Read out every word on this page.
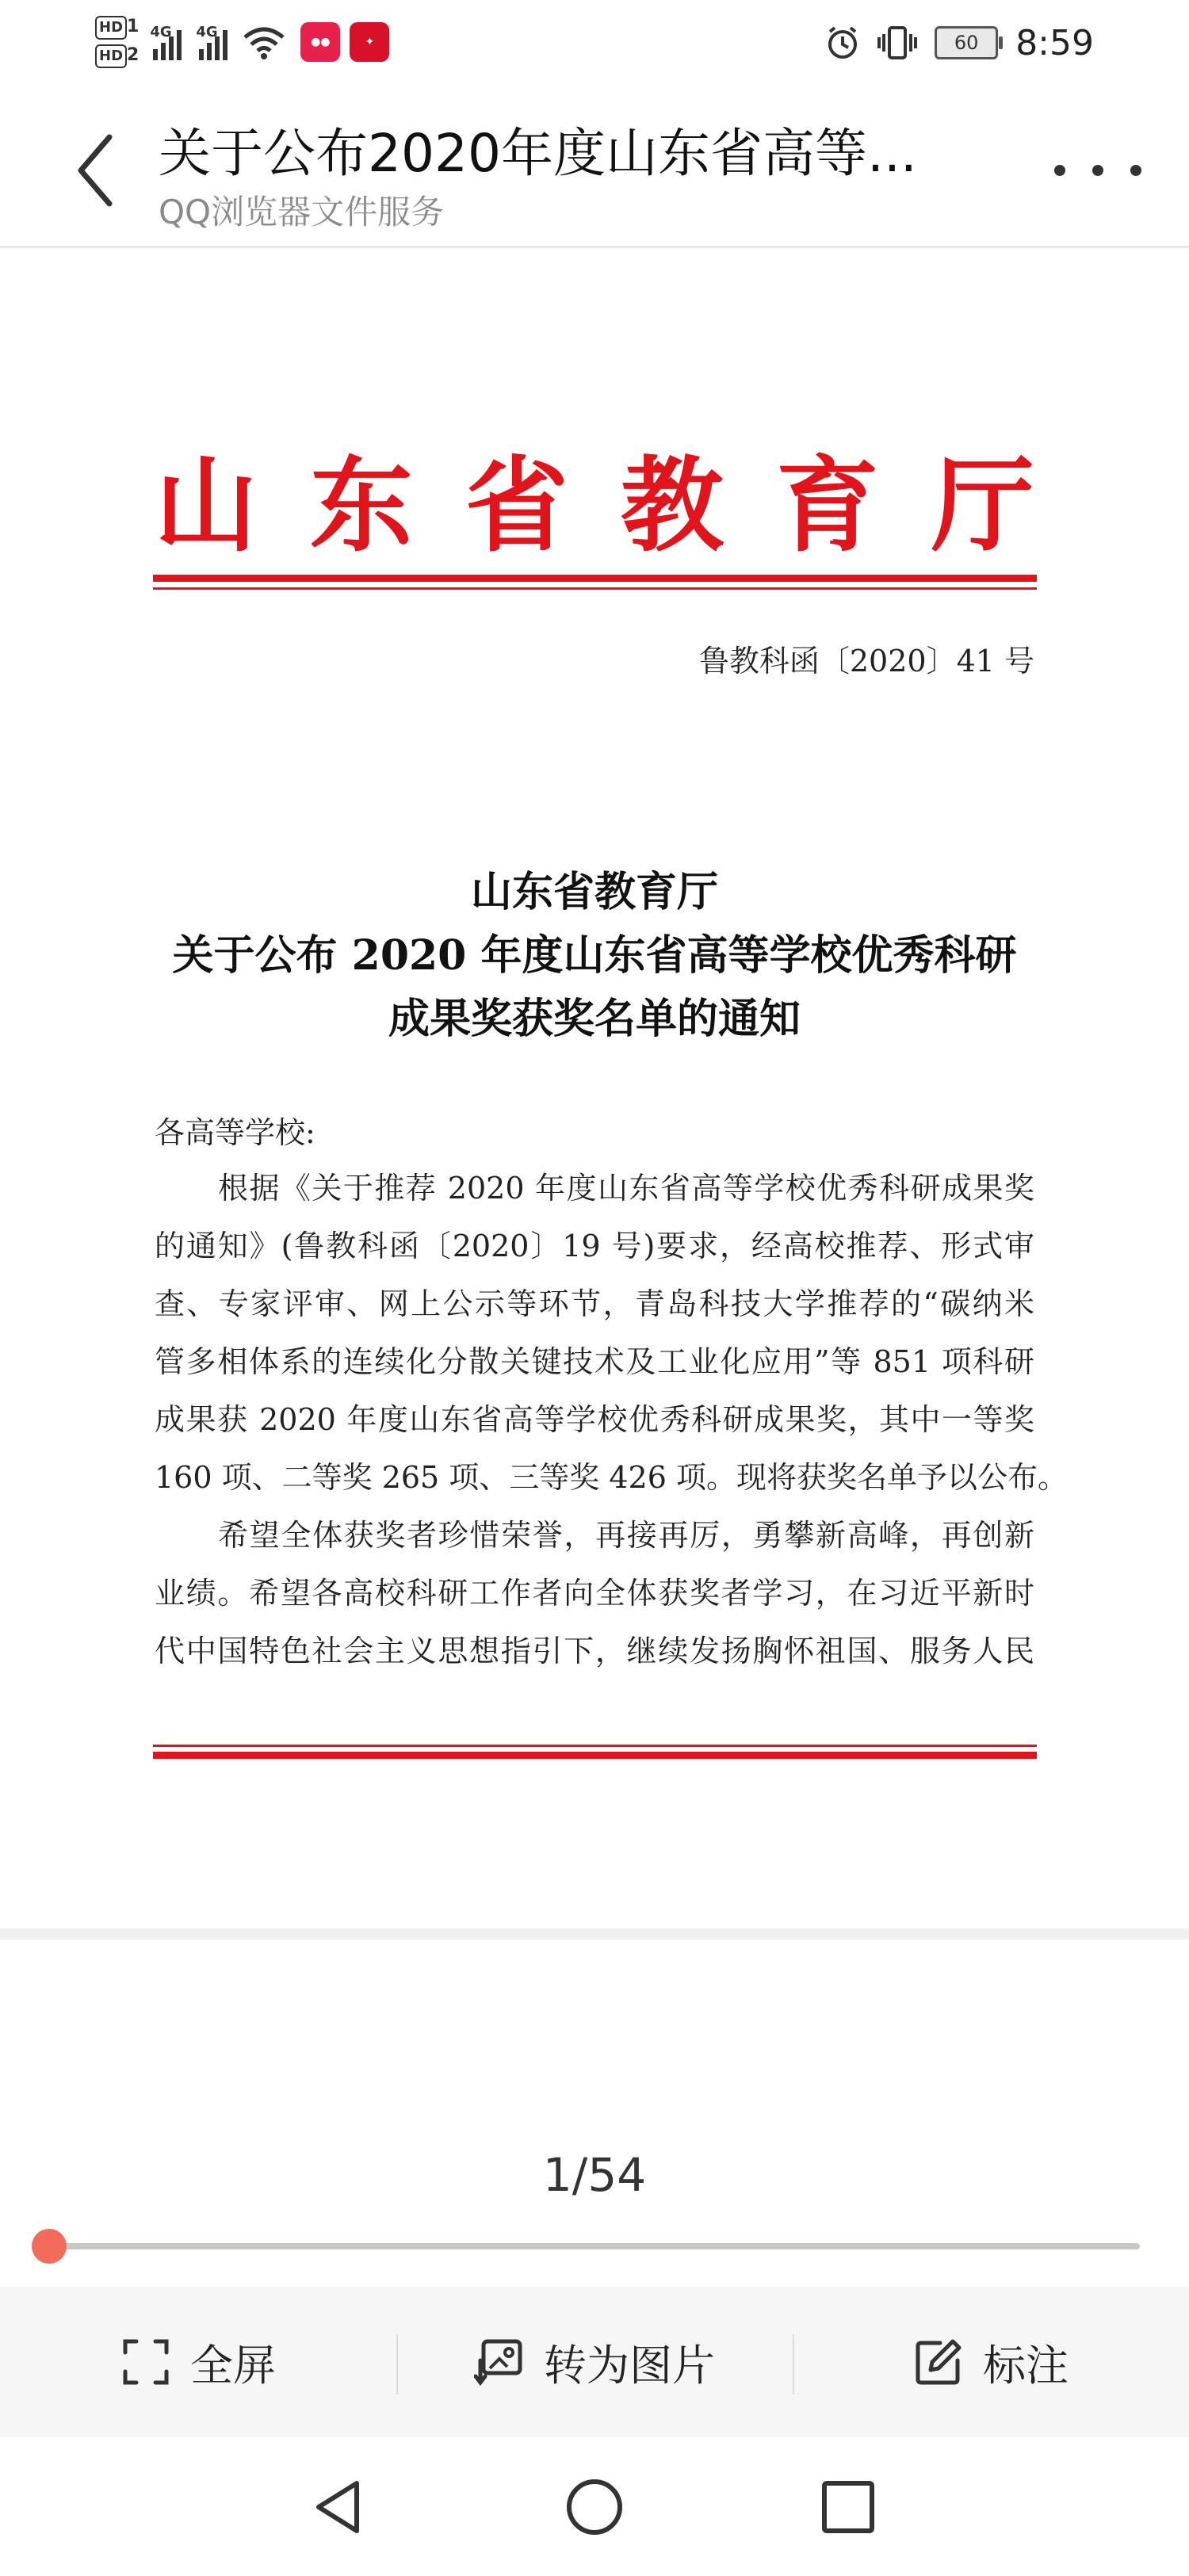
HD 1
HD 2
4G 4G
●●	✦	60	8:59
关于公布2020年度山东省高等...
QQ浏览器文件服务
山 东 省 教 育 厅
鲁教科函〔2020〕41 号
山东省教育厅
关于公布 2020 年度山东省高等学校优秀科研
成果奖获奖名单的通知
各高等学校:
根据《关于推荐 2020 年度山东省高等学校优秀科研成果奖
的通知》(鲁教科函〔2020〕19 号)要求，经高校推荐、形式审
查、专家评审、网上公示等环节，青岛科技大学推荐的“碳纳米
管多相体系的连续化分散关键技术及工业化应用”等 851 项科研
成果获 2020 年度山东省高等学校优秀科研成果奖，其中一等奖
160 项、二等奖 265 项、三等奖 426 项。现将获奖名单予以公布。
希望全体获奖者珍惜荣誉，再接再厉，勇攀新高峰，再创新
业绩。希望各高校科研工作者向全体获奖者学习，在习近平新时
代中国特色社会主义思想指引下，继续发扬胸怀祖国、服务人民
1/54
全屏	转为图片	标注
